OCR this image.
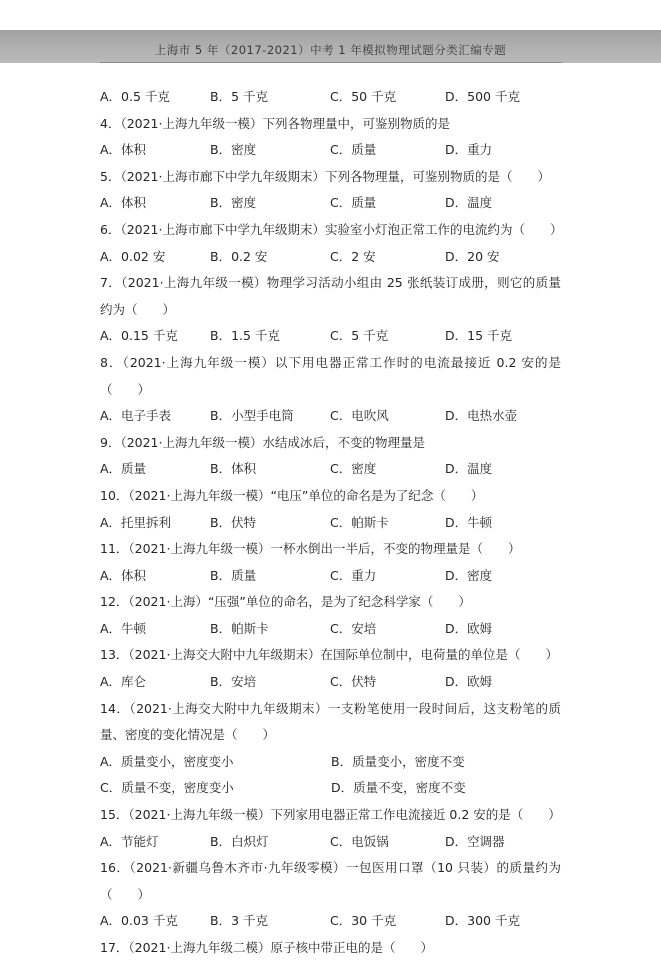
上海市 5 年（2017-2021）中考 1 年模拟物理试题分类汇编专题
A．0.5 千克	B．5 千克	C．50 千克	D．500 千克
4．（2021·上海九年级一模）下列各物理量中，可鉴别物质的是
A．体积	B．密度	C．质量	D．重力
5．（2021·上海市廊下中学九年级期末）下列各物理量，可鉴别物质的是（　　）
A．体积	B．密度	C．质量	D．温度
6．（2021·上海市廊下中学九年级期末）实验室小灯泡正常工作的电流约为（　　）
A．0.02 安	B．0.2 安	C．2 安	D．20 安
7．（2021·上海九年级一模）物理学习活动小组由 25 张纸装订成册，则它的质量约为（　　）
A．0.15 千克	B．1.5 千克	C．5 千克	D．15 千克
8．（2021·上海九年级一模）以下用电器正常工作时的电流最接近 0.2 安的是（　　）
A．电子手表	B．小型手电筒	C．电吹风	D．电热水壶
9．（2021·上海九年级一模）水结成冰后，不变的物理量是
A．质量	B．体积	C．密度	D．温度
10．（2021·上海九年级一模）“电压”单位的命名是为了纪念（　　）
A．托里拆利	B．伏特	C．帕斯卡	D．牛顿
11．（2021·上海九年级一模）一杯水倒出一半后，不变的物理量是（　　）
A．体积	B．质量	C．重力	D．密度
12．（2021·上海）“压强”单位的命名，是为了纪念科学家（　　）
A．牛顿	B．帕斯卡	C．安培	D．欧姆
13．（2021·上海交大附中九年级期末）在国际单位制中，电荷量的单位是（　　）
A．库仑	B．安培	C．伏特	D．欧姆
14．（2021·上海交大附中九年级期末）一支粉笔使用一段时间后，这支粉笔的质量、密度的变化情况是（　　）
A．质量变小，密度变小	B．质量变小，密度不变
C．质量不变，密度变小	D．质量不变，密度不变
15．（2021·上海九年级一模）下列家用电器正常工作电流接近 0.2 安的是（　　）
A．节能灯	B．白炽灯	C．电饭锅	D．空调器
16．（2021·新疆乌鲁木齐市·九年级零模）一包医用口罩（10 只装）的质量约为（　　）
A．0.03 千克	B．3 千克	C．30 千克	D．300 千克
17．（2021·上海九年级二模）原子核中带正电的是（　　）
